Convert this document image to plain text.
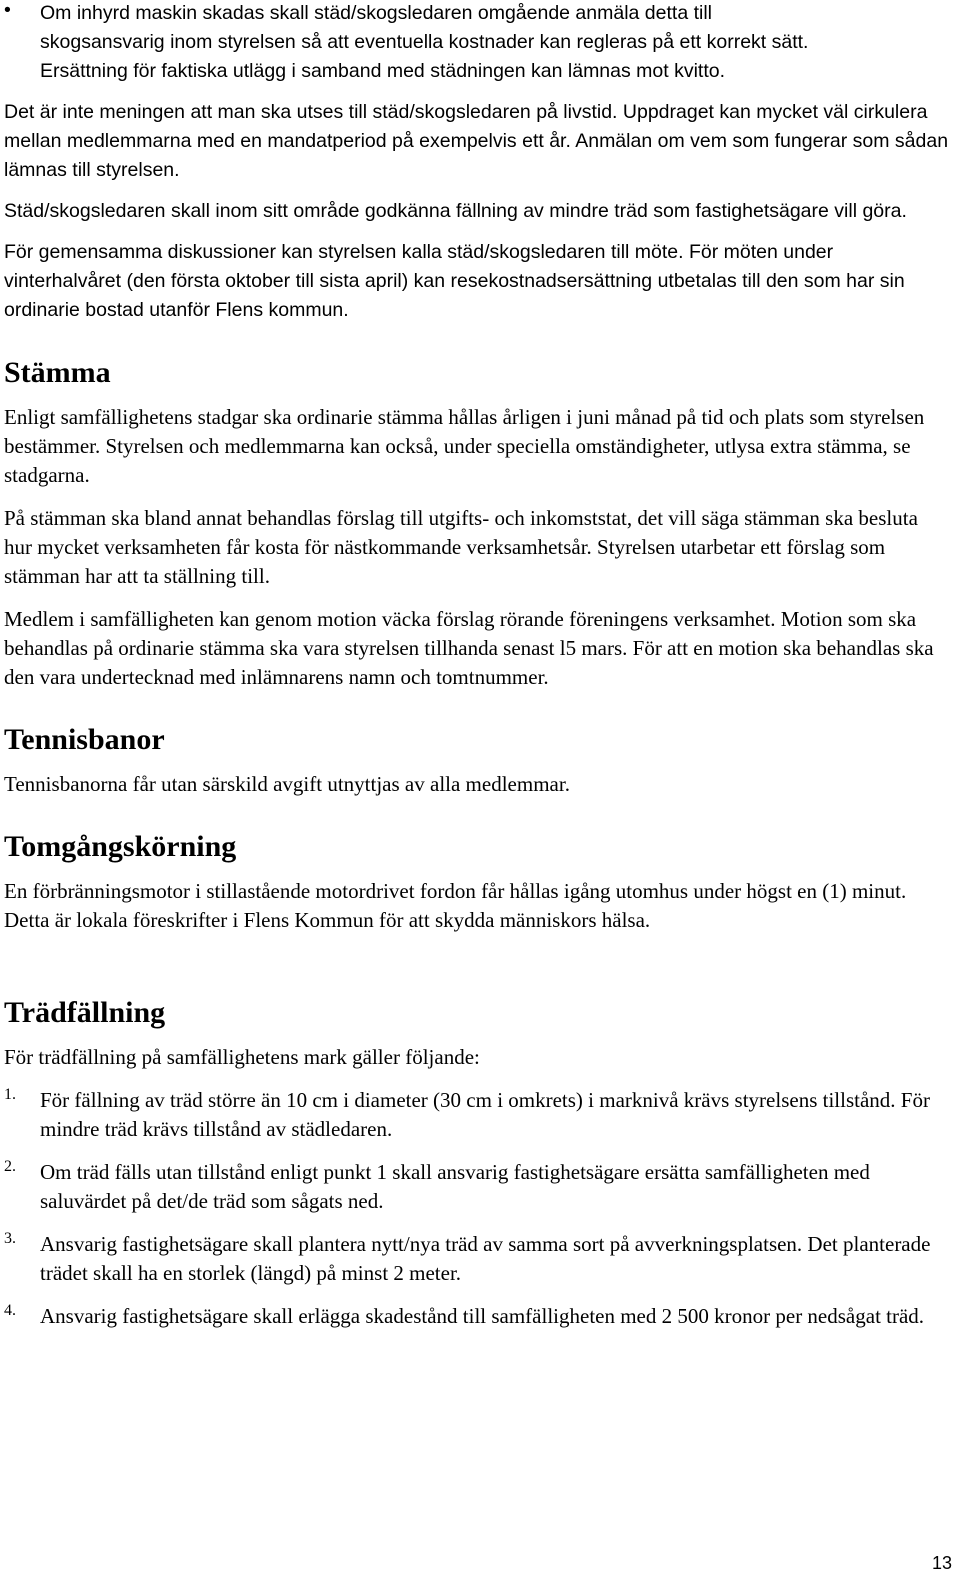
• Om inhyrd maskin skadas skall städ/skogsledaren omgående anmäla detta till

skogsansvarig inom styrelsen så att eventuella kostnader kan regleras på ett korrekt sätt.

Ersättning för faktiska utlägg i samband med städningen kan lämnas mot kvitto.

Det är inte meningen att man ska utses till städ/skogsledaren på livstid. Uppdraget kan mycket väl cirkulera mellan medlemmarna med en mandatperiod på exempelvis ett år. Anmälan om vem som fungerar som sådan lämnas till styrelsen.

Städ/skogsledaren skall inom sitt område godkänna fällning av mindre träd som fastighetsägare vill göra.

För gemensamma diskussioner kan styrelsen kalla städ/skogsledaren till möte. För möten under vinterhalvåret (den första oktober till sista april) kan resekostnadsersättning utbetalas till den som har sin ordinarie bostad utanför Flens kommun.

Stämma

Enligt samfällighetens stadgar ska ordinarie stämma hållas årligen i juni månad på tid och plats som styrelsen bestämmer. Styrelsen och medlemmarna kan också, under speciella omständigheter, utlysa extra stämma, se stadgarna.

På stämman ska bland annat behandlas förslag till utgifts- och inkomststat, det vill säga stämman ska besluta hur mycket verksamheten får kosta för nästkommande verksamhetsår. Styrelsen utarbetar ett förslag som stämman har att ta ställning till.

Medlem i samfälligheten kan genom motion väcka förslag rörande föreningens verksamhet. Motion som ska behandlas på ordinarie stämma ska vara styrelsen tillhanda senast l5 mars. För att en motion ska behandlas ska den vara undertecknad med inlämnarens namn och tomtnummer.

Tennisbanor

Tennisbanorna får utan särskild avgift utnyttjas av alla medlemmar.

Tomgångskörning

En förbränningsmotor i stillastående motordrivet fordon får hållas igång utomhus under högst en (1) minut. Detta är lokala föreskrifter i Flens Kommun för att skydda människors hälsa.

Trädfällning

För trädfällning på samfällighetens mark gäller följande:

1. För fällning av träd större än 10 cm i diameter (30 cm i omkrets) i marknivå krävs styrelsens tillstånd. För mindre träd krävs tillstånd av städledaren.

2. Om träd fälls utan tillstånd enligt punkt 1 skall ansvarig fastighetsägare ersätta samfälligheten med saluvärdet på det/de träd som sågats ned.

3. Ansvarig fastighetsägare skall plantera nytt/nya träd av samma sort på avverkningsplatsen. Det planterade trädet skall ha en storlek (längd) på minst 2 meter.

4. Ansvarig fastighetsägare skall erlägga skadestånd till samfälligheten med 2 500 kronor per nedsågat träd.

13
